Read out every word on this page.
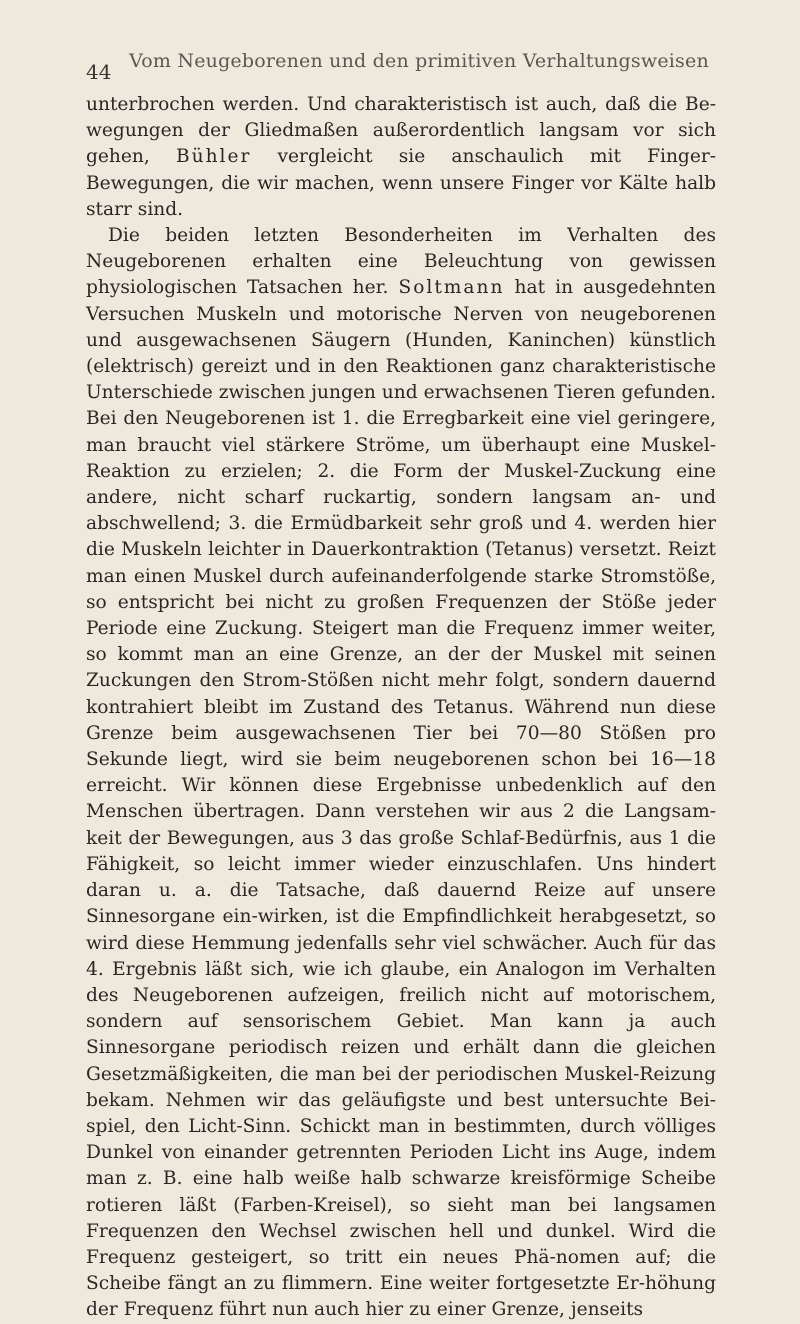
44 Vom Neugeborenen und den primitiven Verhaltungsweisen

unterbrochen werden. Und charakteristisch ist auch, daß die Be-wegungen der Gliedmaßen außerordentlich langsam vor sich gehen, Bühler vergleicht sie anschaulich mit Finger-Bewegungen, die wir machen, wenn unsere Finger vor Kälte halb starr sind.

Die beiden letzten Besonderheiten im Verhalten des Neugeborenen erhalten eine Beleuchtung von gewissen physiologischen Tatsachen her. Soltmann hat in ausgedehnten Versuchen Muskeln und motorische Nerven von neugeborenen und ausgewachsenen Säugern (Hunden, Kaninchen) künstlich (elektrisch) gereizt und in den Reaktionen ganz charakteristische Unterschiede zwischen jungen und erwachsenen Tieren gefunden. Bei den Neugeborenen ist 1. die Erregbarkeit eine viel geringere, man braucht viel stärkere Ströme, um überhaupt eine Muskel-Reaktion zu erzielen; 2. die Form der Muskel-Zuckung eine andere, nicht scharf ruckartig, sondern langsam an- und abschwellend; 3. die Ermüdbarkeit sehr groß und 4. werden hier die Muskeln leichter in Dauerkontraktion (Tetanus) versetzt. Reizt man einen Muskel durch aufeinanderfolgende starke Stromstöße, so entspricht bei nicht zu großen Frequenzen der Stöße jeder Periode eine Zuckung. Steigert man die Frequenz immer weiter, so kommt man an eine Grenze, an der der Muskel mit seinen Zuckungen den Strom-Stößen nicht mehr folgt, sondern dauernd kontrahiert bleibt im Zustand des Tetanus. Während nun diese Grenze beim ausgewachsenen Tier bei 70—80 Stößen pro Sekunde liegt, wird sie beim neugeborenen schon bei 16—18 erreicht. Wir können diese Ergebnisse unbedenklich auf den Menschen übertragen. Dann verstehen wir aus 2 die Langsam-keit der Bewegungen, aus 3 das große Schlaf-Bedürfnis, aus 1 die Fähigkeit, so leicht immer wieder einzuschlafen. Uns hindert daran u. a. die Tatsache, daß dauernd Reize auf unsere Sinnesorgane ein-wirken, ist die Empfindlichkeit herabgesetzt, so wird diese Hemmung jedenfalls sehr viel schwächer. Auch für das 4. Ergebnis läßt sich, wie ich glaube, ein Analogon im Verhalten des Neugeborenen aufzeigen, freilich nicht auf motorischem, sondern auf sensorischem Gebiet. Man kann ja auch Sinnesorgane periodisch reizen und erhält dann die gleichen Gesetzmäßigkeiten, die man bei der periodischen Muskel-Reizung bekam. Nehmen wir das geläufigste und best untersuchte Bei-spiel, den Licht-Sinn. Schickt man in bestimmten, durch völliges Dunkel von einander getrennten Perioden Licht ins Auge, indem man z. B. eine halb weiße halb schwarze kreisförmige Scheibe rotieren läßt (Farben-Kreisel), so sieht man bei langsamen Frequenzen den Wechsel zwischen hell und dunkel. Wird die Frequenz gesteigert, so tritt ein neues Phä-nomen auf; die Scheibe fängt an zu flimmern. Eine weiter fortgesetzte Er-höhung der Frequenz führt nun auch hier zu einer Grenze, jenseits
